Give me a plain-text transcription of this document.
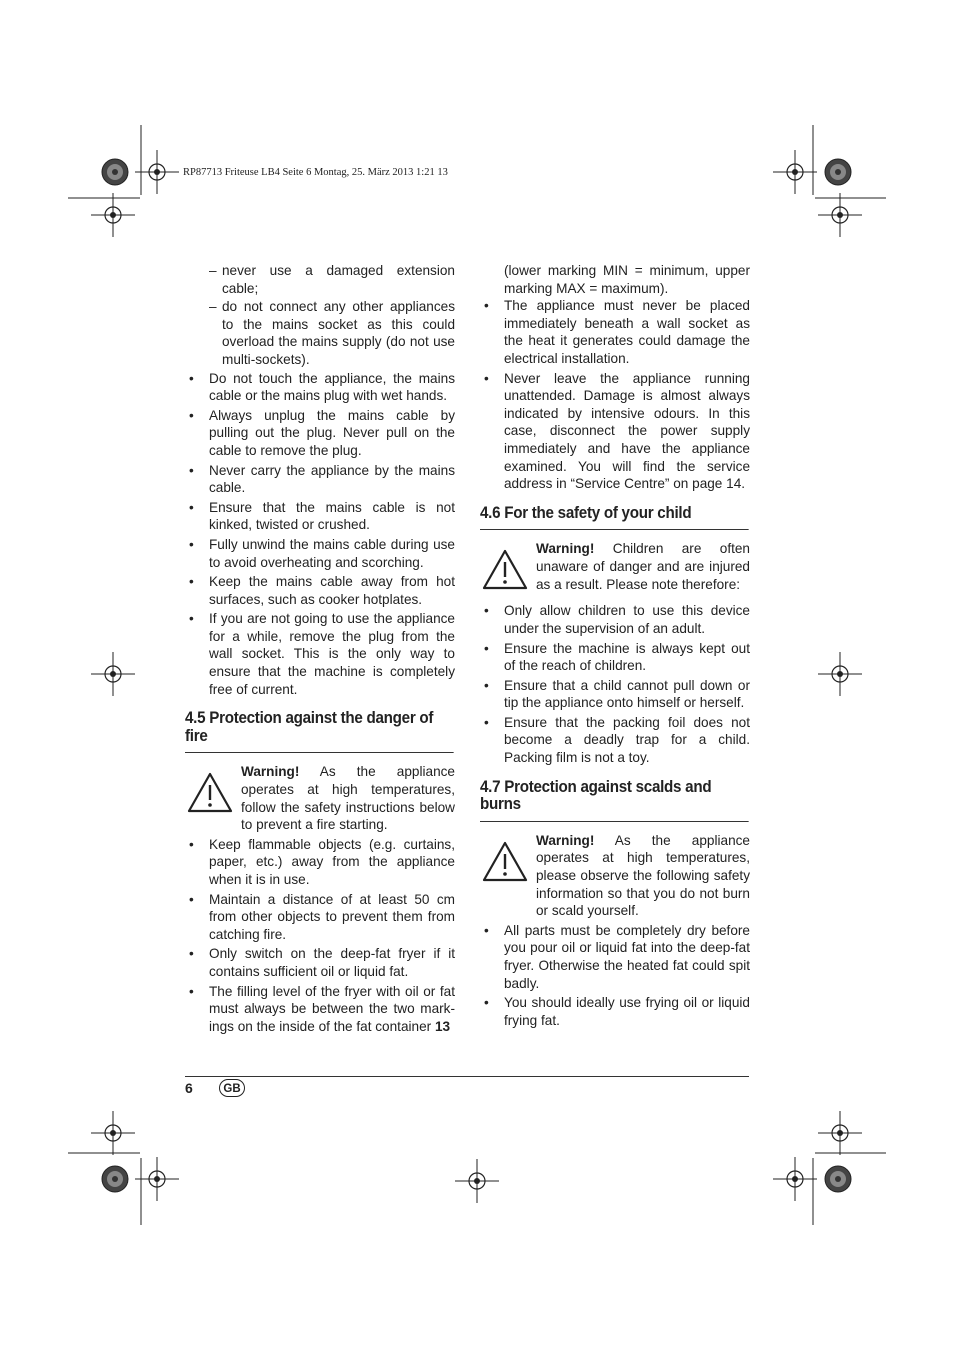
RP87713 Friteuse LB4 Seite 6 Montag, 25. März 2013 1:21 13
– never use a damaged extension cable;
– do not connect any other appliances to the mains socket as this could overload the mains supply (do not use multi-sockets).
• Do not touch the appliance, the mains cable or the mains plug with wet hands.
• Always unplug the mains cable by pulling out the plug. Never pull on the cable to remove the plug.
• Never carry the appliance by the mains cable.
• Ensure that the mains cable is not kinked, twisted or crushed.
• Fully unwind the mains cable during use to avoid overheating and scorching.
• Keep the mains cable away from hot surfaces, such as cooker hotplates.
• If you are not going to use the appliance for a while, remove the plug from the wall socket. This is the only way to ensure that the machine is completely free of current.
4.5 Protection against the danger of fire
Warning! As the appliance operates at high temperatures, follow the safety instructions below to prevent a fire starting.
• Keep flammable objects (e.g. curtains, paper, etc.) away from the appliance when it is in use.
• Maintain a distance of at least 50 cm from other objects to prevent them from catching fire.
• Only switch on the deep-fat fryer if it contains sufficient oil or liquid fat.
• The filling level of the fryer with oil or fat must always be between the two mark-ings on the inside of the fat container 13
(lower marking MIN = minimum, upper marking MAX = maximum).
• The appliance must never be placed immediately beneath a wall socket as the heat it generates could damage the electrical installation.
• Never leave the appliance running unattended. Damage is almost always indicated by intensive odours. In this case, disconnect the power supply immediately and have the appliance examined. You will find the service address in “Service Centre” on page 14.
4.6 For the safety of your child
Warning! Children are often unaware of danger and are injured as a result. Please note therefore:
• Only allow children to use this device under the supervision of an adult.
• Ensure the machine is always kept out of the reach of children.
• Ensure that a child cannot pull down or tip the appliance onto himself or herself.
• Ensure that the packing foil does not become a deadly trap for a child. Packing film is not a toy.
4.7 Protection against scalds and burns
Warning! As the appliance operates at high temperatures, please observe the following safety information so that you do not burn or scald yourself.
• All parts must be completely dry before you pour oil or liquid fat into the deep-fat fryer. Otherwise the heated fat could spit badly.
• You should ideally use frying oil or liquid frying fat.
6	GB
